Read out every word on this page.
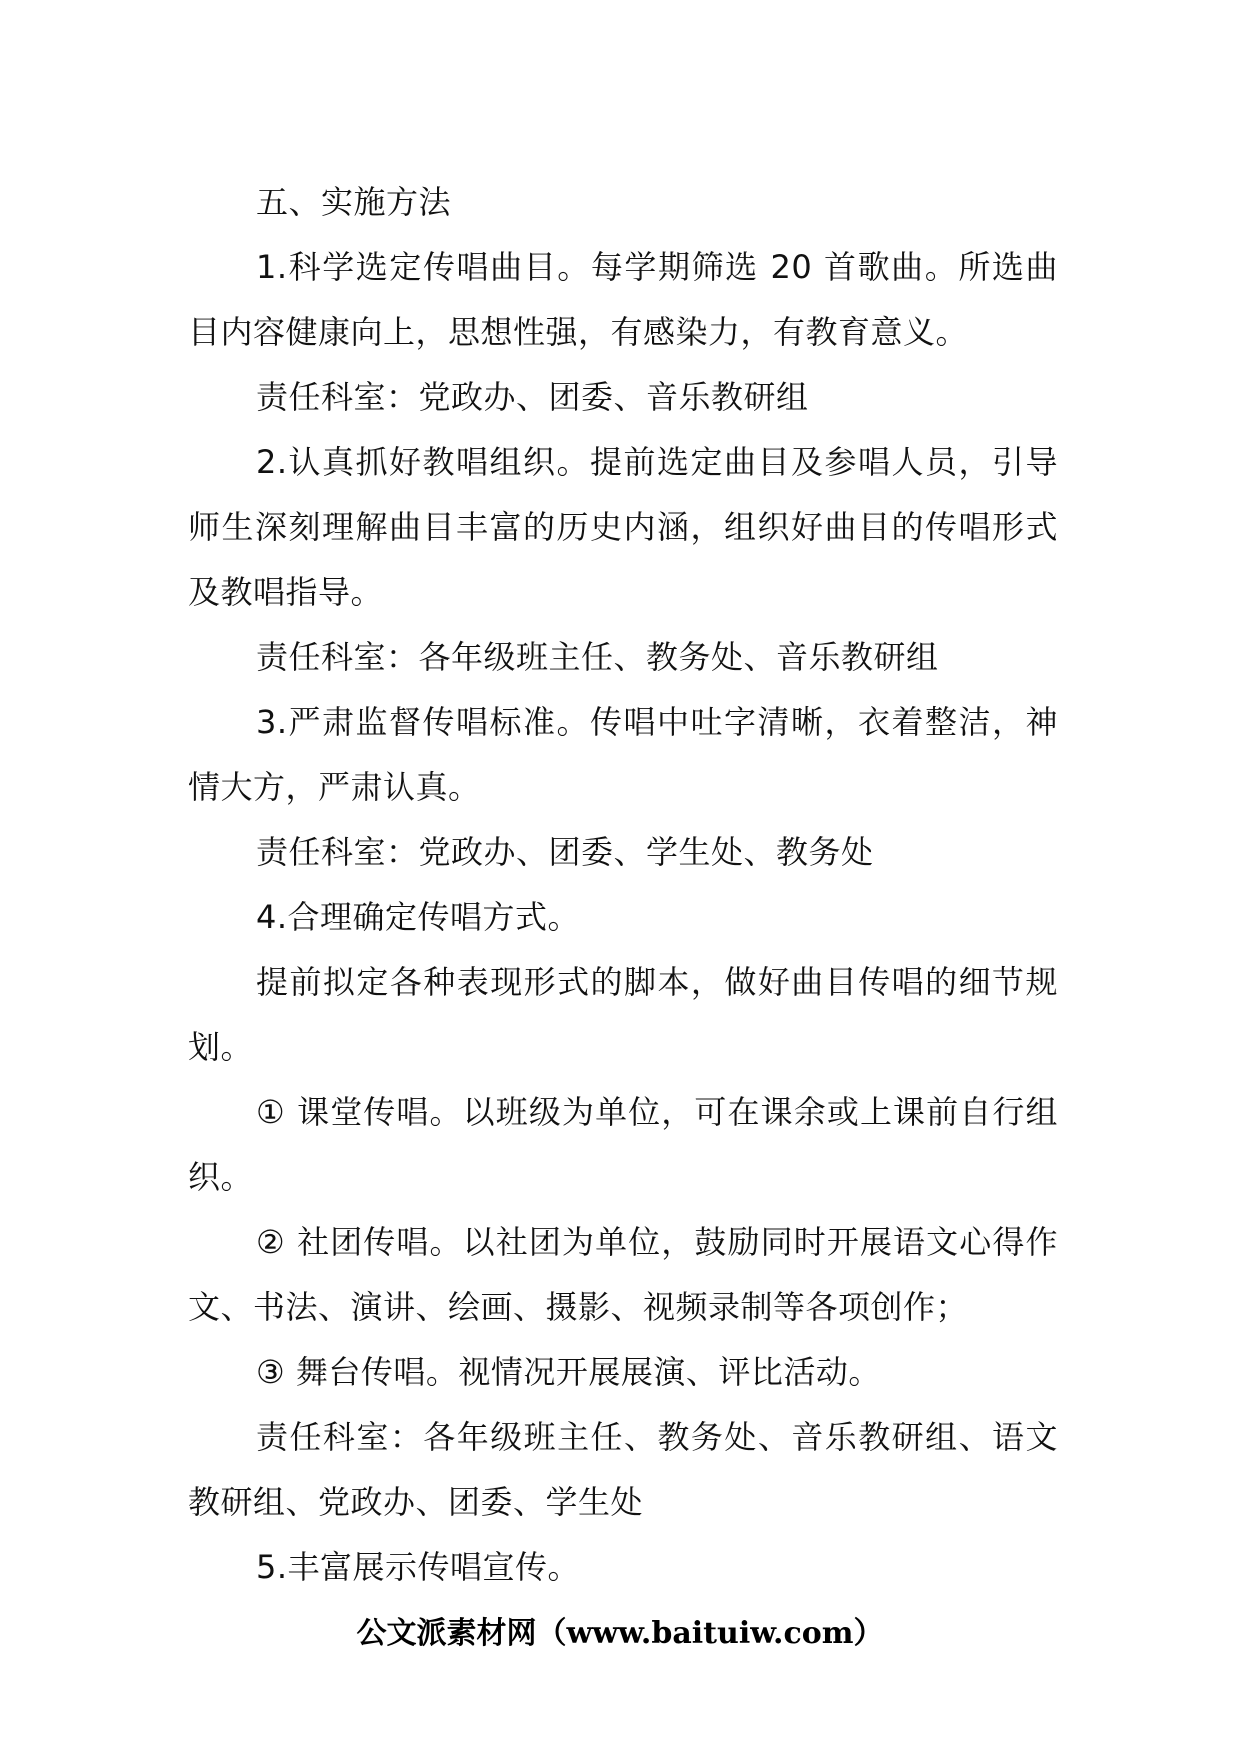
五、实施方法

1.科学选定传唱曲目。每学期筛选 20 首歌曲。所选曲目内容健康向上，思想性强，有感染力，有教育意义。

责任科室：党政办、团委、音乐教研组

2.认真抓好教唱组织。提前选定曲目及参唱人员，引导师生深刻理解曲目丰富的历史内涵，组织好曲目的传唱形式及教唱指导。

责任科室：各年级班主任、教务处、音乐教研组

3.严肃监督传唱标准。传唱中吐字清晰，衣着整洁，神情大方，严肃认真。

责任科室：党政办、团委、学生处、教务处

4.合理确定传唱方式。

提前拟定各种表现形式的脚本，做好曲目传唱的细节规划。

① 课堂传唱。以班级为单位，可在课余或上课前自行组织。

② 社团传唱。以社团为单位，鼓励同时开展语文心得作文、书法、演讲、绘画、摄影、视频录制等各项创作；

③ 舞台传唱。视情况开展展演、评比活动。

责任科室：各年级班主任、教务处、音乐教研组、语文教研组、党政办、团委、学生处

5.丰富展示传唱宣传。

公文派素材网（www.baituiw.com）
